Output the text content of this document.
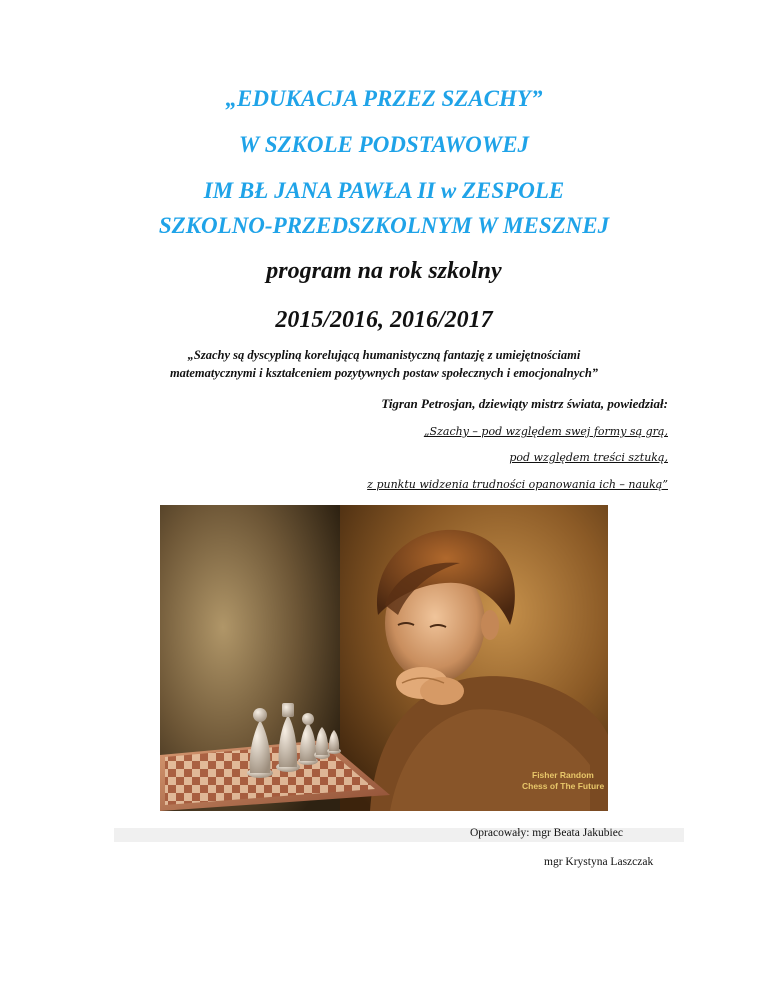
„EDUKACJA PRZEZ SZACHY”
W SZKOLE PODSTAWOWEJ
IM BŁ JANA PAWŁA II w ZESPOLE
SZKOLNO-PRZEDSZKOLNYM W MESZNEJ
program na rok szkolny
2015/2016, 2016/2017
„Szachy są dyscypliną korelującą humanistyczną fantazję z umiejętnościami
matematycznymi i kształceniem pozytywnych postaw społecznych i emocjonalnych”
Tigran Petrosjan, dziewiąty mistrz świata, powiedział:
„Szachy – pod względem swej formy są grą,
pod względem treści sztuką,
z punktu widzenia trudności opanowania ich – nauką”
Fisher Random
Chess of The Future
Opracowały: mgr Beata Jakubiec
mgr Krystyna Laszczak
